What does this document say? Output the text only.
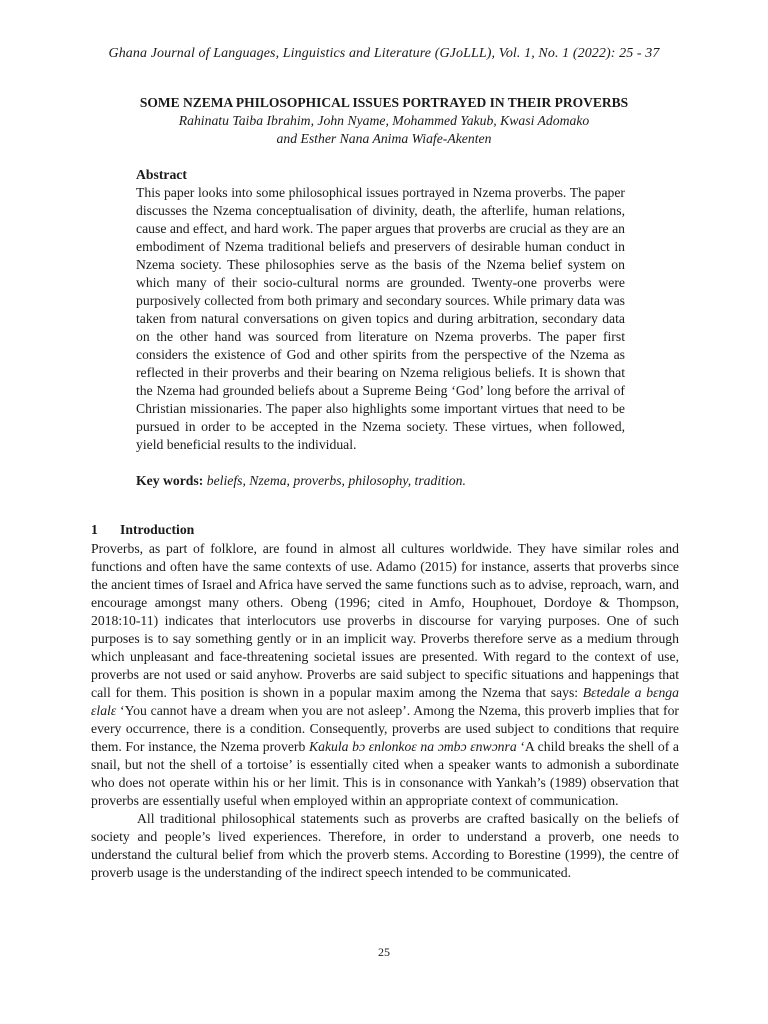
Ghana Journal of Languages, Linguistics and Literature (GJoLLL), Vol. 1, No. 1 (2022): 25 - 37
SOME NZEMA PHILOSOPHICAL ISSUES PORTRAYED IN THEIR PROVERBS
Rahinatu Taiba Ibrahim, John Nyame, Mohammed Yakub, Kwasi Adomako
and Esther Nana Anima Wiafe-Akenten
Abstract

This paper looks into some philosophical issues portrayed in Nzema proverbs. The paper discusses the Nzema conceptualisation of divinity, death, the afterlife, human relations, cause and effect, and hard work. The paper argues that proverbs are crucial as they are an embodiment of Nzema traditional beliefs and preservers of desirable human conduct in Nzema society. These philosophies serve as the basis of the Nzema belief system on which many of their socio-cultural norms are grounded. Twenty-one proverbs were purposively collected from both primary and secondary sources. While primary data was taken from natural conversations on given topics and during arbitration, secondary data on the other hand was sourced from literature on Nzema proverbs. The paper first considers the existence of God and other spirits from the perspective of the Nzema as reflected in their proverbs and their bearing on Nzema religious beliefs. It is shown that the Nzema had grounded beliefs about a Supreme Being ‘God’ long before the arrival of Christian missionaries. The paper also highlights some important virtues that need to be pursued in order to be accepted in the Nzema society. These virtues, when followed, yield beneficial results to the individual.

Key words: beliefs, Nzema, proverbs, philosophy, tradition.
1 Introduction

Proverbs, as part of folklore, are found in almost all cultures worldwide. They have similar roles and functions and often have the same contexts of use. Adamo (2015) for instance, asserts that proverbs since the ancient times of Israel and Africa have served the same functions such as to advise, reproach, warn, and encourage amongst many others. Obeng (1996; cited in Amfo, Houphouet, Dordoye & Thompson, 2018:10-11) indicates that interlocutors use proverbs in discourse for varying purposes. One of such purposes is to say something gently or in an implicit way. Proverbs therefore serve as a medium through which unpleasant and face-threatening societal issues are presented. With regard to the context of use, proverbs are not used or said anyhow. Proverbs are said subject to specific situations and happenings that call for them. This position is shown in a popular maxim among the Nzema that says: Bɛtedale a bɛnga ɛlalɛ ‘You cannot have a dream when you are not asleep’. Among the Nzema, this proverb implies that for every occurrence, there is a condition. Consequently, proverbs are used subject to conditions that require them. For instance, the Nzema proverb Kakula bɔ ɛnlonkoɛ na ɔmbɔ ɛnwɔnra ‘A child breaks the shell of a snail, but not the shell of a tortoise’ is essentially cited when a speaker wants to admonish a subordinate who does not operate within his or her limit. This is in consonance with Yankah’s (1989) observation that proverbs are essentially useful when employed within an appropriate context of communication.

All traditional philosophical statements such as proverbs are crafted basically on the beliefs of society and people’s lived experiences. Therefore, in order to understand a proverb, one needs to understand the cultural belief from which the proverb stems. According to Borestine (1999), the centre of proverb usage is the understanding of the indirect speech intended to be communicated.

25
